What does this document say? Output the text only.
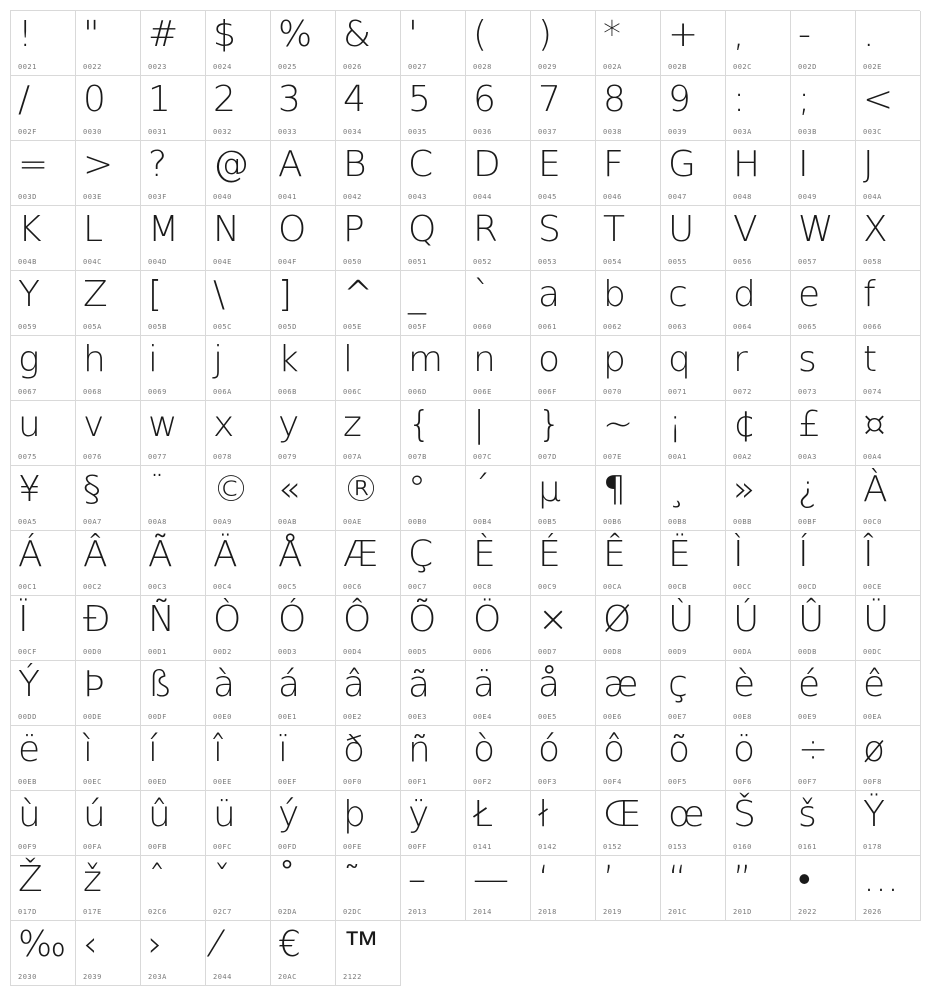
!
0021
"
0022
#
0023
$
0024
%
0025
&
0026
'
0027
(
0028
)
0029
*
002A
+
002B
,
002C
-
002D
.
002E
/
002F
0
0030
1
0031
2
0032
3
0033
4
0034
5
0035
6
0036
7
0037
8
0038
9
0039
:
003A
;
003B
<
003C
=
003D
>
003E
?
003F
@
0040
A
0041
B
0042
C
0043
D
0044
E
0045
F
0046
G
0047
H
0048
I
0049
J
004A
K
004B
L
004C
M
004D
N
004E
O
004F
P
0050
Q
0051
R
0052
S
0053
T
0054
U
0055
V
0056
W
0057
X
0058
Y
0059
Z
005A
[
005B
\
005C
]
005D
^
005E
_
005F
`
0060
a
0061
b
0062
c
0063
d
0064
e
0065
f
0066
g
0067
h
0068
i
0069
j
006A
k
006B
l
006C
m
006D
n
006E
o
006F
p
0070
q
0071
r
0072
s
0073
t
0074
u
0075
v
0076
w
0077
x
0078
y
0079
z
007A
{
007B
|
007C
}
007D
~
007E
¡
00A1
¢
00A2
£
00A3
¤
00A4
¥
00A5
§
00A7
¨
00A8
©
00A9
«
00AB
®
00AE
°
00B0
´
00B4
µ
00B5
¶
00B6
¸
00B8
»
00BB
¿
00BF
À
00C0
Á
00C1
Â
00C2
Ã
00C3
Ä
00C4
Å
00C5
Æ
00C6
Ç
00C7
È
00C8
É
00C9
Ê
00CA
Ë
00CB
Ì
00CC
Í
00CD
Î
00CE
Ï
00CF
Ð
00D0
Ñ
00D1
Ò
00D2
Ó
00D3
Ô
00D4
Õ
00D5
Ö
00D6
×
00D7
Ø
00D8
Ù
00D9
Ú
00DA
Û
00DB
Ü
00DC
Ý
00DD
Þ
00DE
ß
00DF
à
00E0
á
00E1
â
00E2
ã
00E3
ä
00E4
å
00E5
æ
00E6
ç
00E7
è
00E8
é
00E9
ê
00EA
ë
00EB
ì
00EC
í
00ED
î
00EE
ï
00EF
ð
00F0
ñ
00F1
ò
00F2
ó
00F3
ô
00F4
õ
00F5
ö
00F6
÷
00F7
ø
00F8
ù
00F9
ú
00FA
û
00FB
ü
00FC
ý
00FD
þ
00FE
ÿ
00FF
Ł
0141
ł
0142
Œ
0152
œ
0153
Š
0160
š
0161
Ÿ
0178
Ž
017D
ž
017E
ˆ
02C6
ˇ
02C7
˚
02DA
˜
02DC
–
2013
—
2014
‘
2018
’
2019
“
201C
”
201D
•
2022
…
2026
‰
2030
‹
2039
›
203A
⁄
2044
€
20AC
™
2122
